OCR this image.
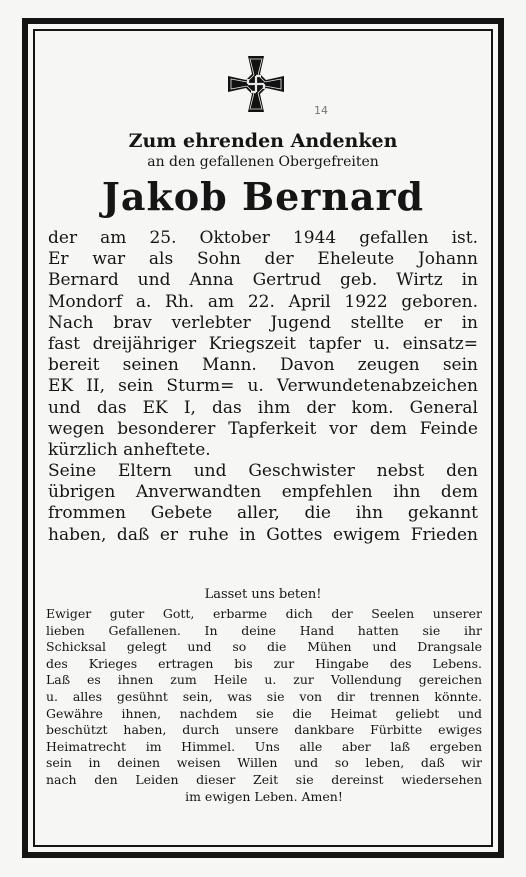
14
Zum ehrenden Andenken
an den gefallenen Obergefreiten
Jakob Bernard
der am 25. Oktober 1944 gefallen ist.
Er war als Sohn der Eheleute Johann
Bernard und Anna Gertrud geb. Wirtz in
Mondorf a. Rh. am 22. April 1922 geboren.
Nach brav verlebter Jugend stellte er in
fast dreijähriger Kriegszeit tapfer u. einsatz=
bereit seinen Mann. Davon zeugen sein
EK II, sein Sturm= u. Verwundetenabzeichen
und das EK I, das ihm der kom. General
wegen besonderer Tapferkeit vor dem Feinde
kürzlich anheftete.
Seine Eltern und Geschwister nebst den
übrigen Anverwandten empfehlen ihn dem
frommen Gebete aller, die ihn gekannt
haben, daß er ruhe in Gottes ewigem Frieden
Lasset uns beten!
Ewiger guter Gott, erbarme dich der Seelen unserer
lieben Gefallenen. In deine Hand hatten sie ihr
Schicksal gelegt und so die Mühen und Drangsale
des Krieges ertragen bis zur Hingabe des Lebens.
Laß es ihnen zum Heile u. zur Vollendung gereichen
u. alles gesühnt sein, was sie von dir trennen könnte.
Gewähre ihnen, nachdem sie die Heimat geliebt und
beschützt haben, durch unsere dankbare Fürbitte ewiges
Heimatrecht im Himmel. Uns alle aber laß ergeben
sein in deinen weisen Willen und so leben, daß wir
nach den Leiden dieser Zeit sie dereinst wiedersehen
im ewigen Leben. Amen!
